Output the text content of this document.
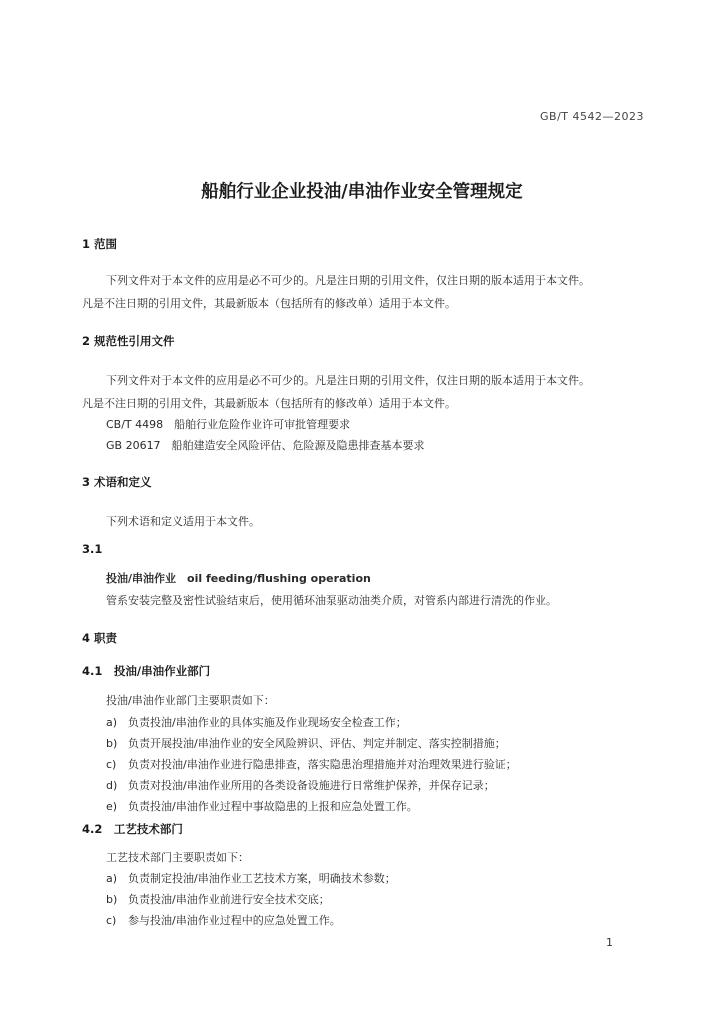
GB/T 4542—2023
船舶行业企业投油/串油作业安全管理规定
1 范围
下列文件对于本文件的应用是必不可少的。凡是注日期的引用文件，仅注日期的版本适用于本文件。
凡是不注日期的引用文件，其最新版本（包括所有的修改单）适用于本文件。
2 规范性引用文件
下列文件对于本文件的应用是必不可少的。凡是注日期的引用文件，仅注日期的版本适用于本文件。
凡是不注日期的引用文件，其最新版本（包括所有的修改单）适用于本文件。
CB/T 4498　船舶行业危险作业许可审批管理要求
GB 20617　船舶建造安全风险评估、危险源及隐患排查基本要求
3 术语和定义
下列术语和定义适用于本文件。
3.1
投油/串油作业　oil feeding/flushing operation
管系安装完整及密性试验结束后，使用循环油泵驱动油类介质，对管系内部进行清洗的作业。
4 职责
4.1　投油/串油作业部门
投油/串油作业部门主要职责如下：
a) 负责投油/串油作业的具体实施及作业现场安全检查工作；
b) 负责开展投油/串油作业的安全风险辨识、评估、判定并制定、落实控制措施；
c) 负责对投油/串油作业进行隐患排查，落实隐患治理措施并对治理效果进行验证；
d) 负责对投油/串油作业所用的各类设备设施进行日常维护保养，并保存记录；
e) 负责投油/串油作业过程中事故隐患的上报和应急处置工作。
4.2　工艺技术部门
工艺技术部门主要职责如下：
a) 负责制定投油/串油作业工艺技术方案，明确技术参数；
b) 负责投油/串油作业前进行安全技术交底；
c) 参与投油/串油作业过程中的应急处置工作。
1
